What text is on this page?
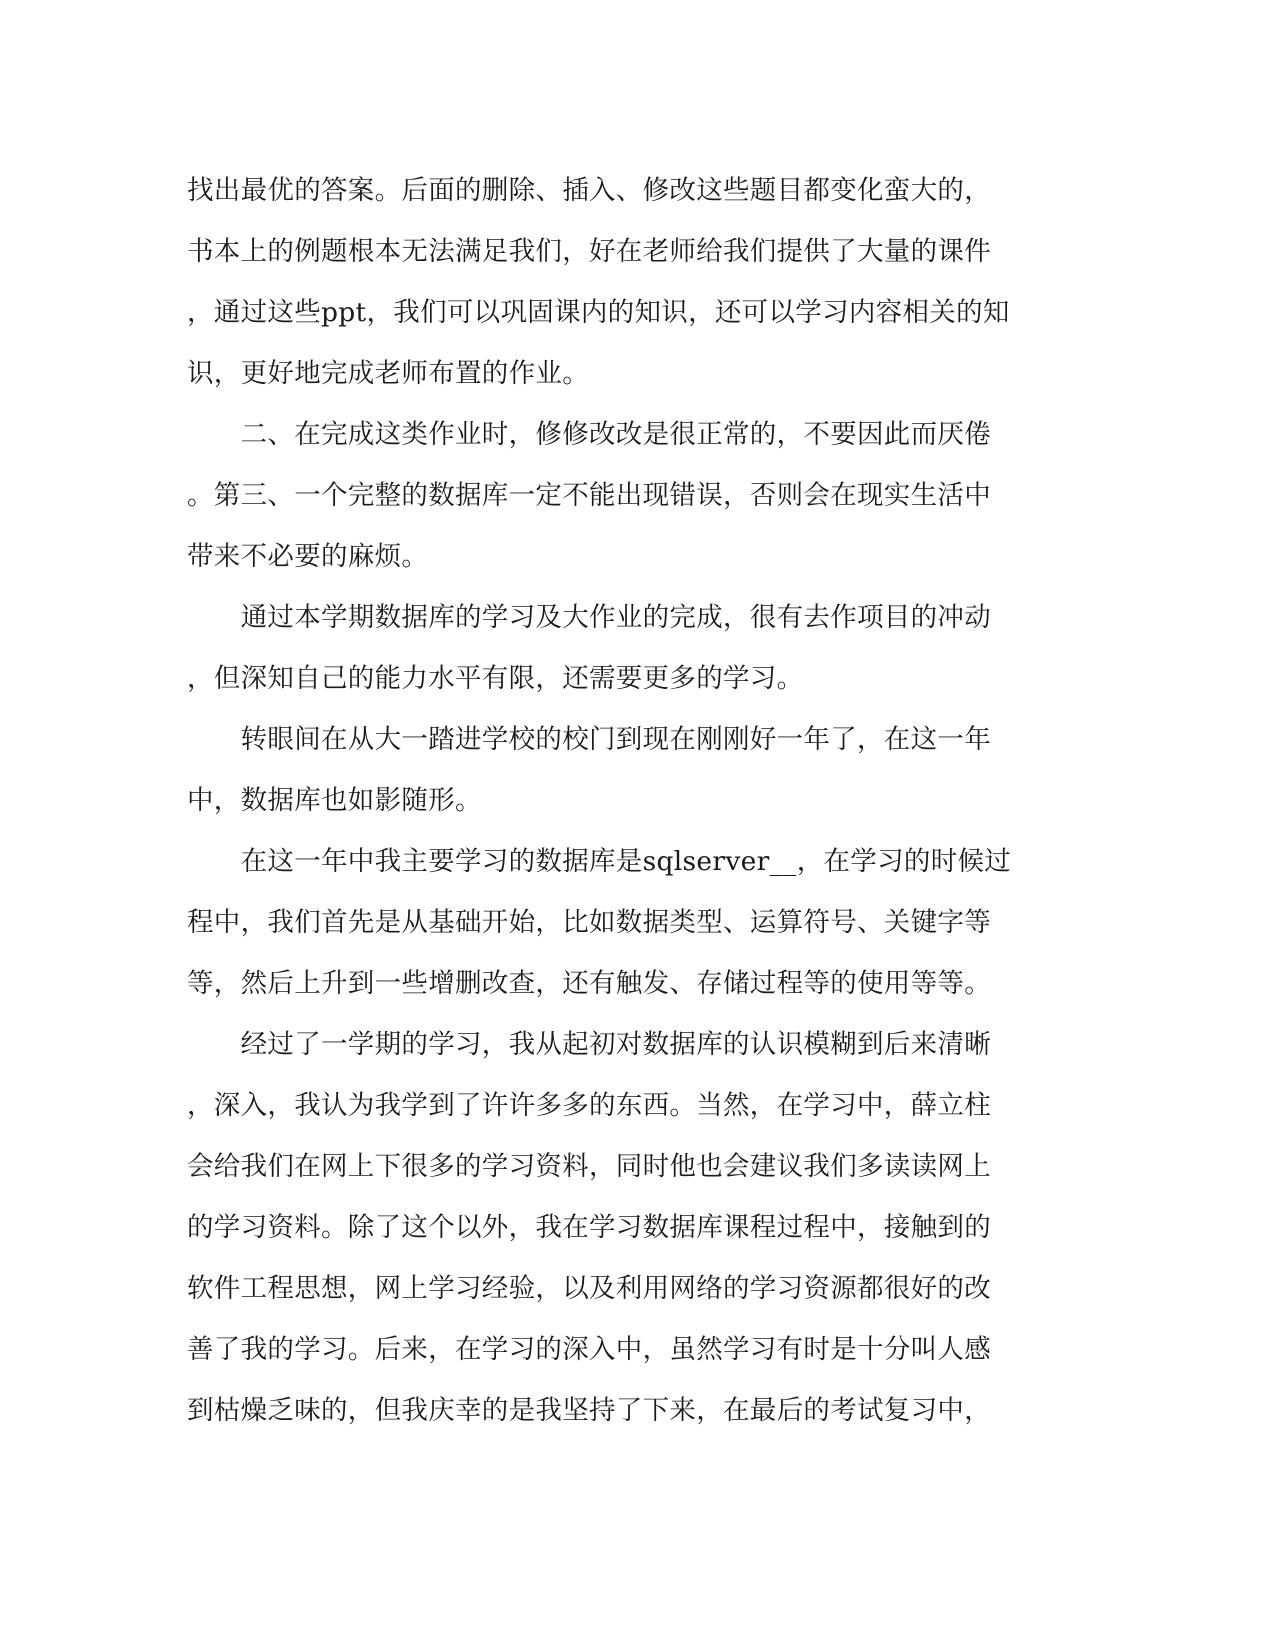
找出最优的答案。后面的删除、插入、修改这些题目都变化蛮大的，
书本上的例题根本无法满足我们，好在老师给我们提供了大量的课件
，通过这些ppt，我们可以巩固课内的知识，还可以学习内容相关的知
识，更好地完成老师布置的作业。
　　二、在完成这类作业时，修修改改是很正常的，不要因此而厌倦
。第三、一个完整的数据库一定不能出现错误，否则会在现实生活中
带来不必要的麻烦。
　　通过本学期数据库的学习及大作业的完成，很有去作项目的冲动
，但深知自己的能力水平有限，还需要更多的学习。
　　转眼间在从大一踏进学校的校门到现在刚刚好一年了，在这一年
中，数据库也如影随形。
　　在这一年中我主要学习的数据库是sqlserver__，在学习的时候过
程中，我们首先是从基础开始，比如数据类型、运算符号、关键字等
等，然后上升到一些增删改查，还有触发、存储过程等的使用等等。
　　经过了一学期的学习，我从起初对数据库的认识模糊到后来清晰
，深入，我认为我学到了许许多多的东西。当然，在学习中，薛立柱
会给我们在网上下很多的学习资料，同时他也会建议我们多读读网上
的学习资料。除了这个以外，我在学习数据库课程过程中，接触到的
软件工程思想，网上学习经验，以及利用网络的学习资源都很好的改
善了我的学习。后来，在学习的深入中，虽然学习有时是十分叫人感
到枯燥乏味的，但我庆幸的是我坚持了下来，在最后的考试复习中，
